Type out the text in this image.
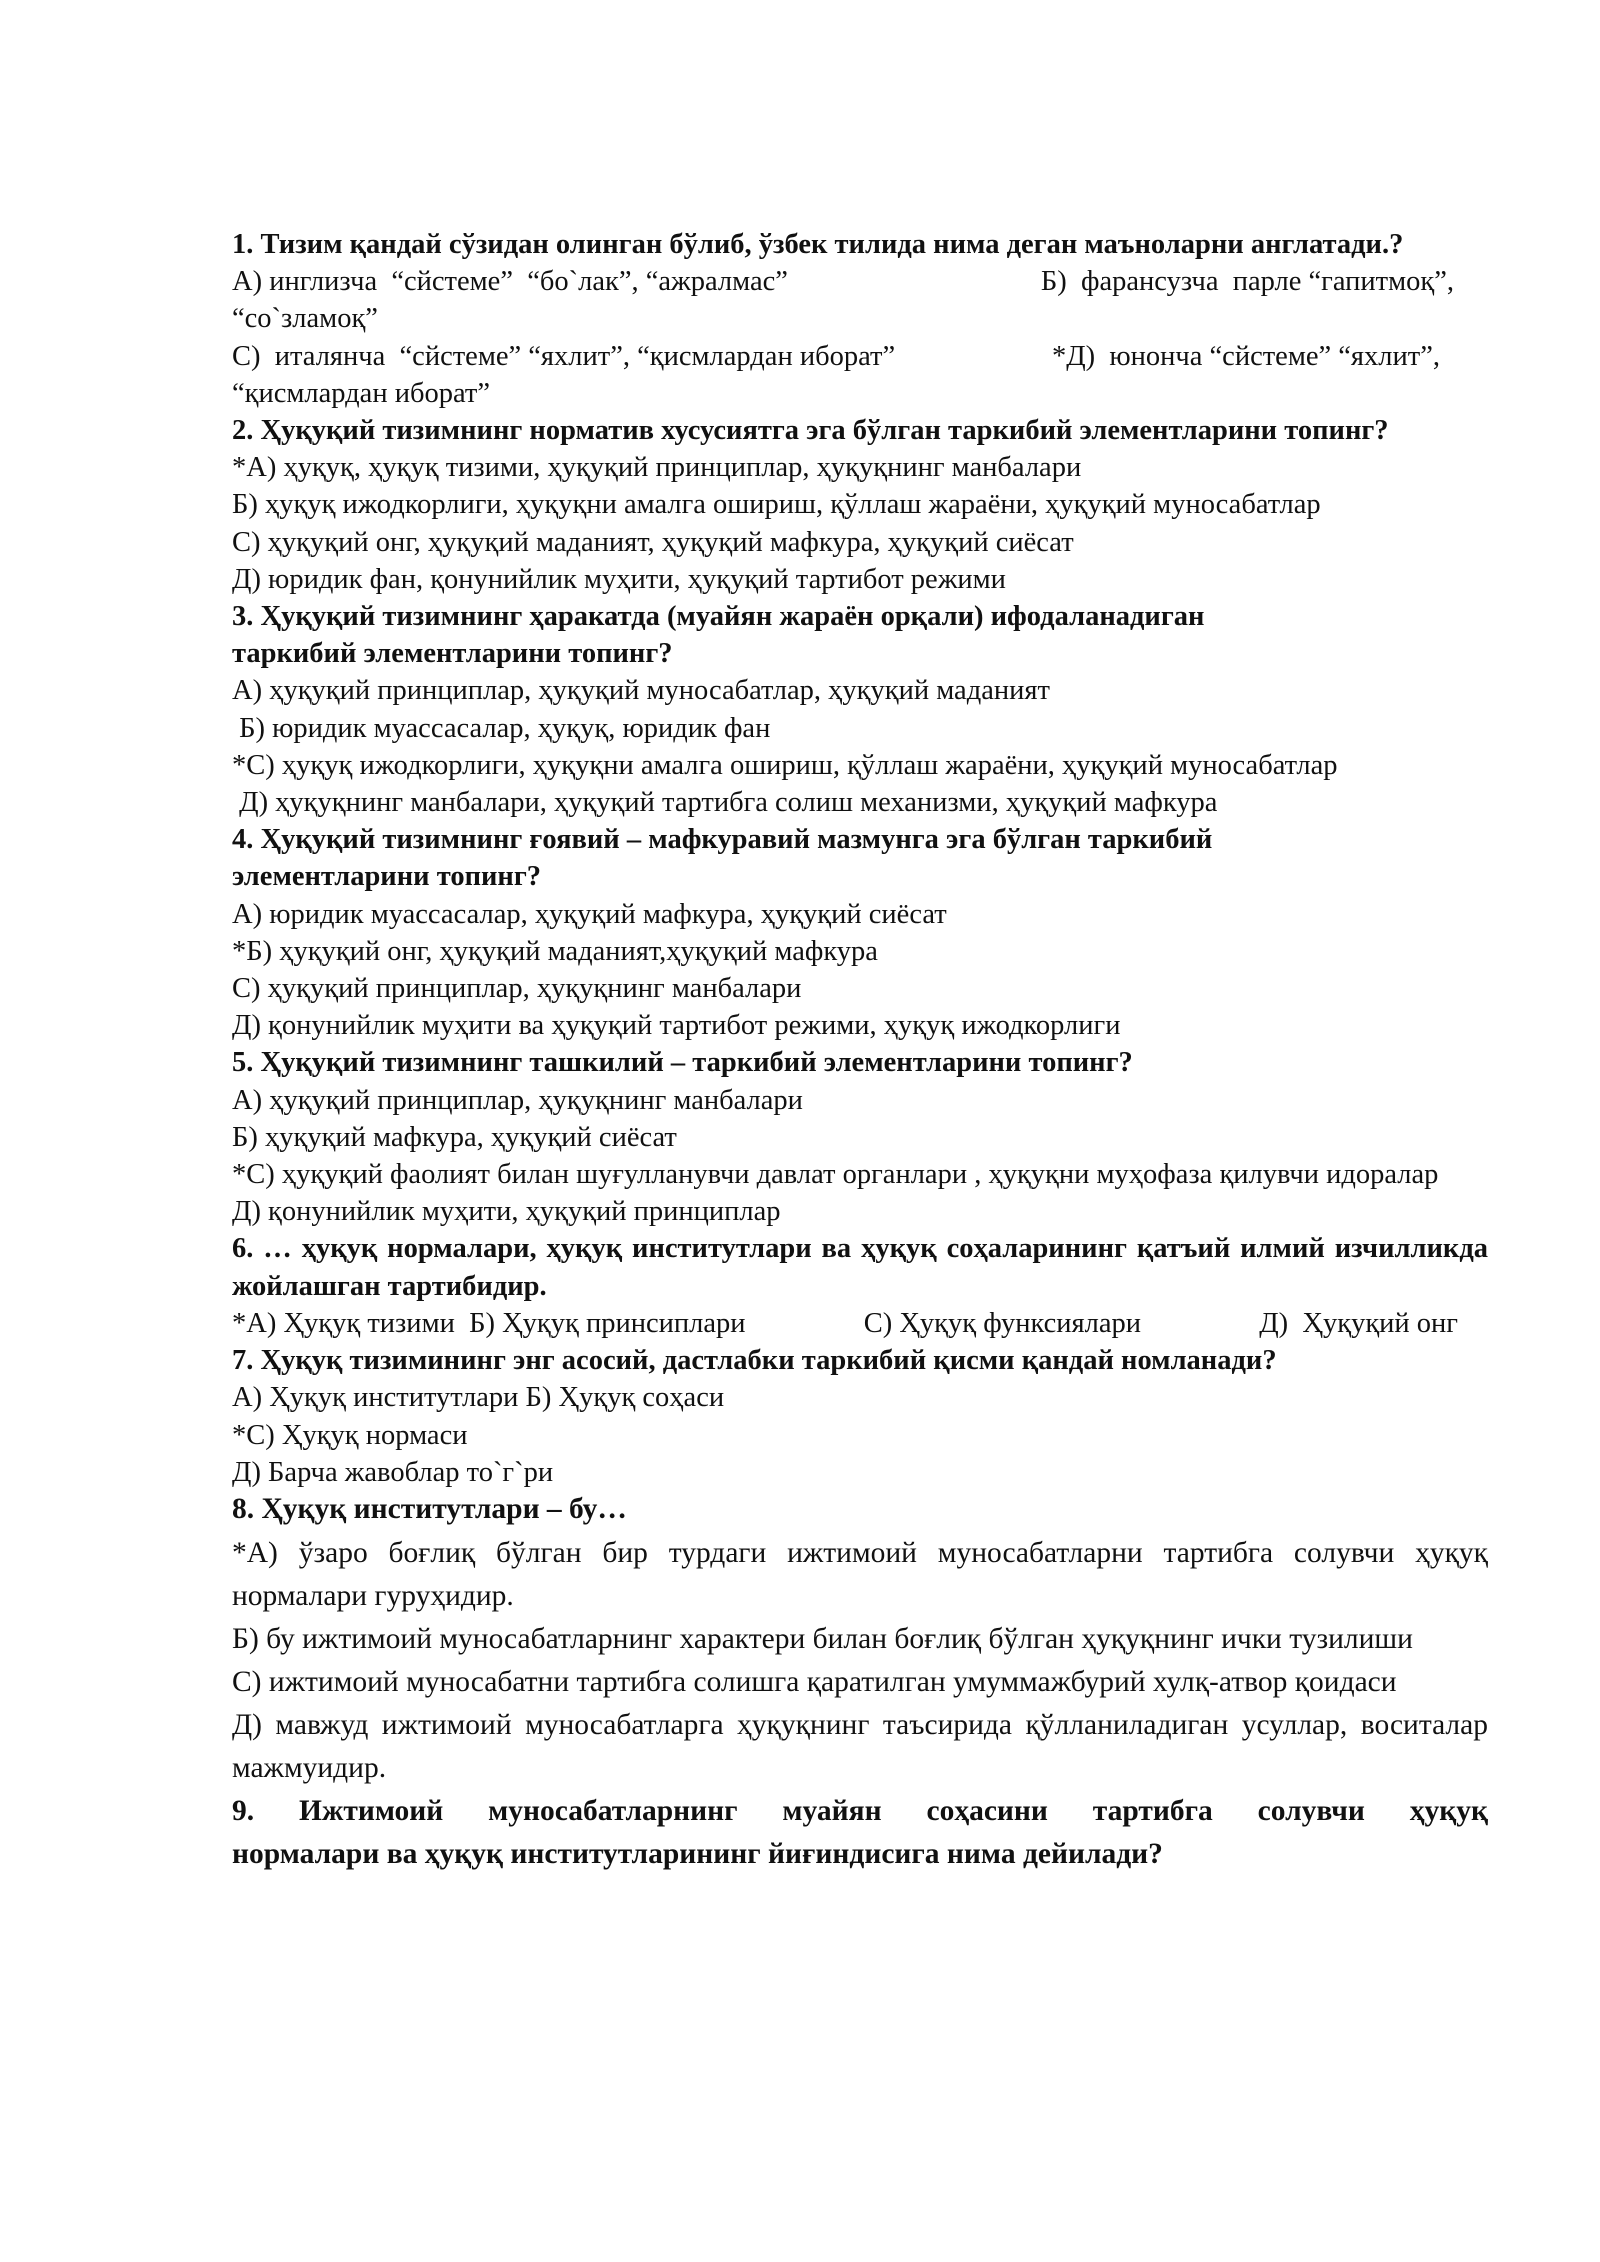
1. Тизим қандай сўзидан олинган бўлиб, ўзбек тилида нима деган маъноларни англатади.?
А) инглизча  “сйстеме”  “бо`лак”, “ажралмас”	Б)  фарансузча  парле “гапитмоқ”,
“со`зламоқ”
С)  италянча  “сйстеме” “яхлит”, “қисмлардан иборат”	*Д)  юнонча “сйстеме” “яхлит”,
“қисмлардан иборат”
2. Ҳуқуқий тизимнинг норматив хусусиятга эга бўлган таркибий элементларини топинг?
*А) ҳуқуқ, ҳуқуқ тизими, ҳуқуқий принциплар, ҳуқуқнинг манбалари
Б) ҳуқуқ ижодкорлиги, ҳуқуқни амалга ошириш, қўллаш жараёни, ҳуқуқий муносабатлар
С) ҳуқуқий онг, ҳуқуқий маданият, ҳуқуқий мафкура, ҳуқуқий сиёсат
Д) юридик фан, қонунийлик муҳити, ҳуқуқий тартибот режими
3. Ҳуқуқий тизимнинг ҳаракатда (муайян жараён орқали) ифодаланадиган
таркибий элементларини топинг?
А) ҳуқуқий принциплар, ҳуқуқий муносабатлар, ҳуқуқий маданият
Б) юридик муассасалар, ҳуқуқ, юридик фан
*С) ҳуқуқ ижодкорлиги, ҳуқуқни амалга ошириш, қўллаш жараёни, ҳуқуқий муносабатлар
Д) ҳуқуқнинг манбалари, ҳуқуқий тартибга солиш механизми, ҳуқуқий мафкура
4. Ҳуқуқий тизимнинг ғоявий – мафкуравий мазмунга эга бўлган таркибий
элементларини топинг?
А) юридик муассасалар, ҳуқуқий мафкура, ҳуқуқий сиёсат
*Б) ҳуқуқий онг, ҳуқуқий маданият,ҳуқуқий мафкура
С) ҳуқуқий принциплар, ҳуқуқнинг манбалари
Д) қонунийлик муҳити ва ҳуқуқий тартибот режими, ҳуқуқ ижодкорлиги
5. Ҳуқуқий тизимнинг ташкилий – таркибий элементларини топинг?
А) ҳуқуқий принциплар, ҳуқуқнинг манбалари
Б) ҳуқуқий мафкура, ҳуқуқий сиёсат
*С) ҳуқуқий фаолият билан шуғулланувчи давлат органлари , ҳуқуқни муҳофаза қилувчи идоралар
Д) қонунийлик муҳити, ҳуқуқий принциплар
6. … ҳуқуқ нормалари, ҳуқуқ институтлари ва ҳуқуқ соҳаларининг қатъий илмий изчилликда жойлашган тартибидир.
*А) Ҳуқуқ тизими  Б) Ҳуқуқ принсиплари	С) Ҳуқуқ функсиялари	Д)  Ҳуқуқий онг
7. Ҳуқуқ тизимининг энг асосий, дастлабки таркибий қисми қандай номланади?
А) Ҳуқуқ институтлари Б) Ҳуқуқ соҳаси
*С) Ҳуқуқ нормаси
Д) Барча жавоблар то`г`ри
8. Ҳуқуқ институтлари – бу…
*А) ўзаро боғлиқ бўлган бир турдаги ижтимоий муносабатларни тартибга солувчи ҳуқуқ нормалари гуруҳидир.
Б) бу ижтимоий муносабатларнинг характери билан боғлиқ бўлган ҳуқуқнинг ички тузилиши
С) ижтимоий муносабатни тартибга солишга қаратилган умуммажбурий хулқ-атвор қоидаси
Д) мавжуд ижтимоий муносабатларга ҳуқуқнинг таъсирида қўлланиладиган усуллар, воситалар мажмуидир.
9. Ижтимоий муносабатларнинг муайян соҳасини тартибга солувчи ҳуқуқ
нормалари ва ҳуқуқ институтларининг йиғиндисига нима дейилади?
